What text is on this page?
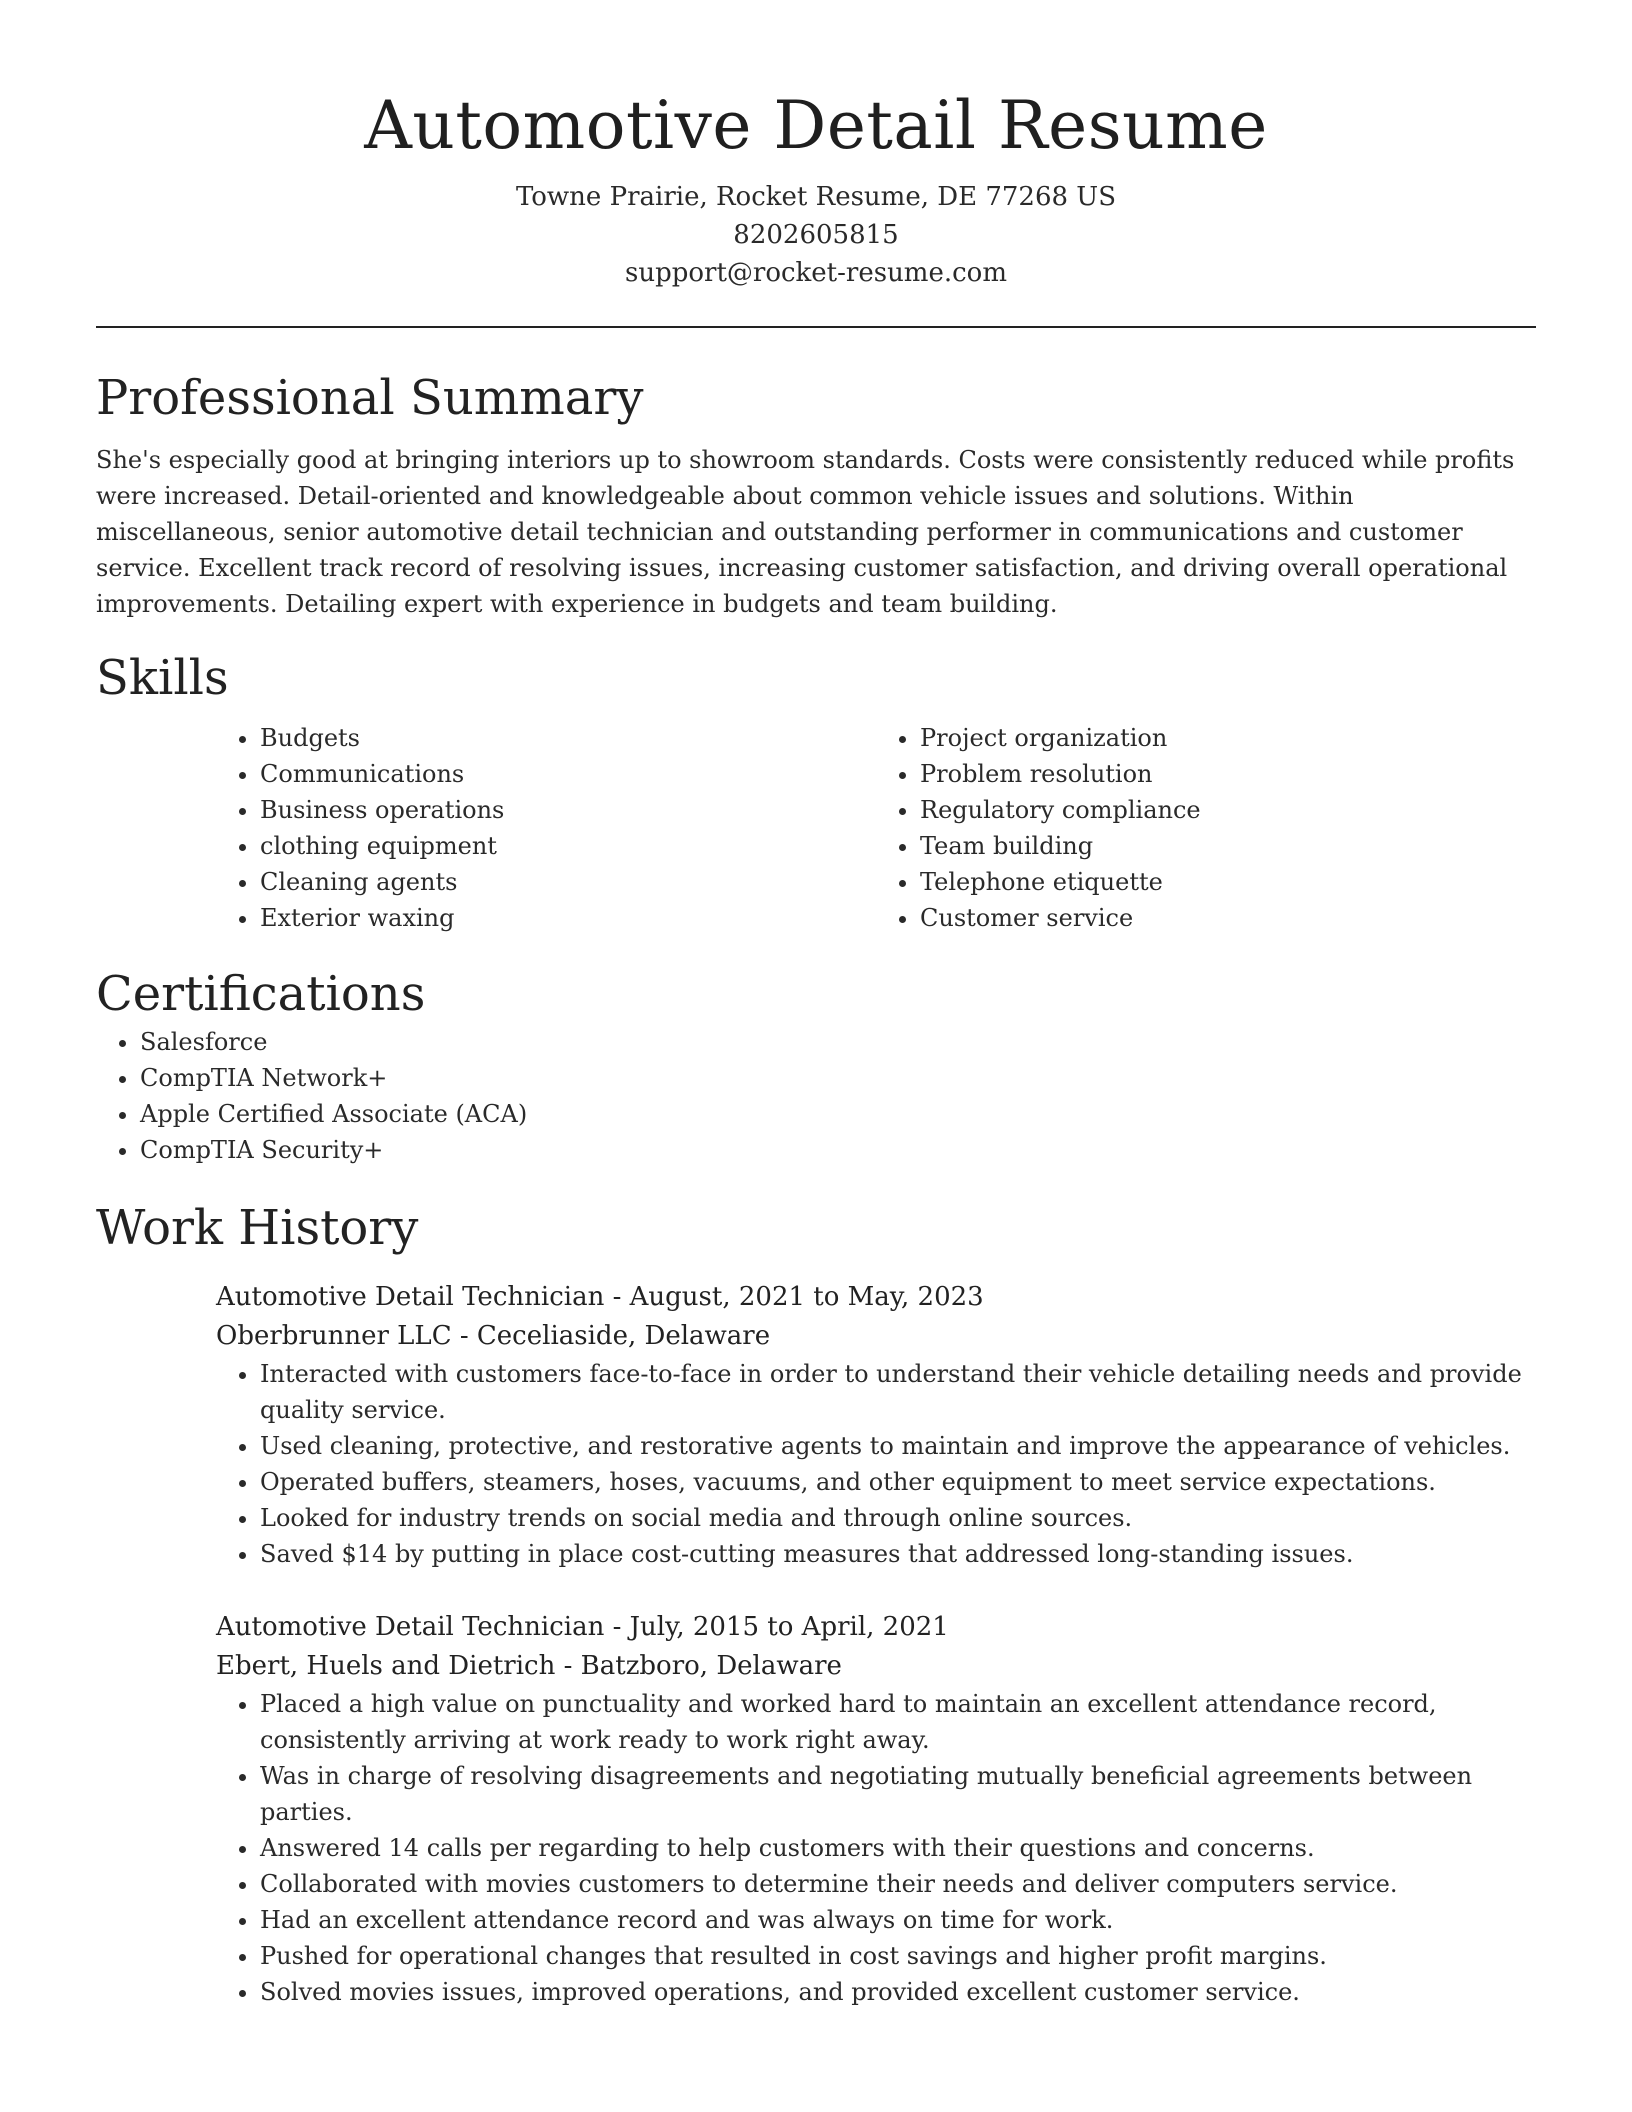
Automotive Detail Resume
Towne Prairie, Rocket Resume, DE 77268 US
8202605815
support@rocket-resume.com
Professional Summary

She's especially good at bringing interiors up to showroom standards. Costs were consistently reduced while profits were increased. Detail-oriented and knowledgeable about common vehicle issues and solutions. Within miscellaneous, senior automotive detail technician and outstanding performer in communications and customer service. Excellent track record of resolving issues, increasing customer satisfaction, and driving overall operational improvements. Detailing expert with experience in budgets and team building.

Skills
• Budgets
• Communications
• Business operations
• clothing equipment
• Cleaning agents
• Exterior waxing
• Project organization
• Problem resolution
• Regulatory compliance
• Team building
• Telephone etiquette
• Customer service
Certifications
• Salesforce
• CompTIA Network+
• Apple Certified Associate (ACA)
• CompTIA Security+
Work History
Automotive Detail Technician - August, 2021 to May, 2023
Oberbrunner LLC - Ceceliaside, Delaware
• Interacted with customers face-to-face in order to understand their vehicle detailing needs and provide quality service.
• Used cleaning, protective, and restorative agents to maintain and improve the appearance of vehicles.
• Operated buffers, steamers, hoses, vacuums, and other equipment to meet service expectations.
• Looked for industry trends on social media and through online sources.
• Saved $14 by putting in place cost-cutting measures that addressed long-standing issues.
Automotive Detail Technician - July, 2015 to April, 2021
Ebert, Huels and Dietrich - Batzboro, Delaware
• Placed a high value on punctuality and worked hard to maintain an excellent attendance record, consistently arriving at work ready to work right away.
• Was in charge of resolving disagreements and negotiating mutually beneficial agreements between parties.
• Answered 14 calls per regarding to help customers with their questions and concerns.
• Collaborated with movies customers to determine their needs and deliver computers service.
• Had an excellent attendance record and was always on time for work.
• Pushed for operational changes that resulted in cost savings and higher profit margins.
• Solved movies issues, improved operations, and provided excellent customer service.
